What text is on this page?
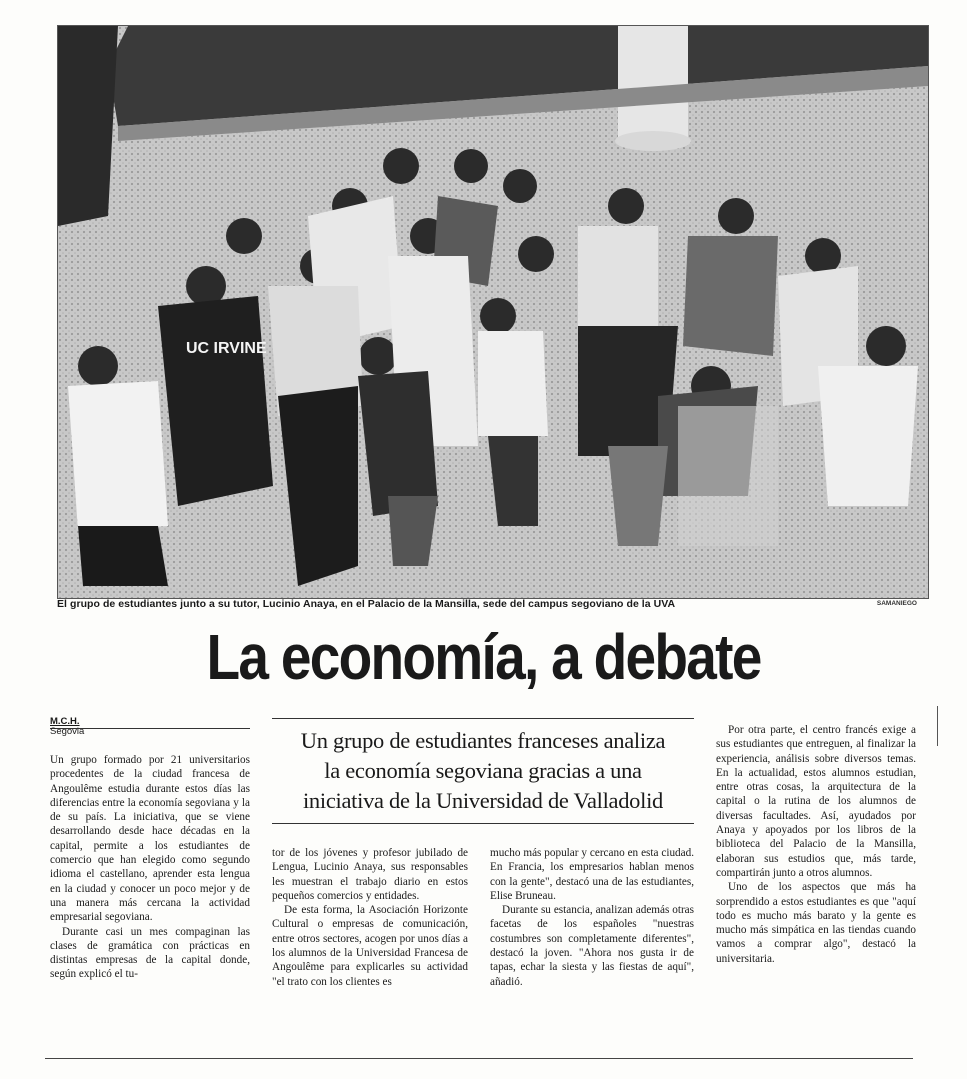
UC IRVINE
El grupo de estudiantes junto a su tutor, Lucinio Anaya, en el Palacio de la Mansilla, sede del campus segoviano de la UVA	SAMANIEGO
La economía, a debate
M.C.H.
Segovia	Un grupo de estudiantes franceses analiza
la economía segoviana gracias a una
iniciativa de la Universidad de Valladolid

Un grupo formado por 21 universitarios procedentes de la ciudad francesa de Angoulême estudia durante estos días las diferencias entre la economía segoviana y la de su país. La iniciativa, que se viene desarrollando desde hace décadas en la capital, permite a los estudiantes de comercio que han elegido como segundo idioma el castellano, aprender esta lengua en la ciudad y conocer un poco mejor y de una manera más cercana la actividad empresarial segoviana.

Durante casi un mes compaginan las clases de gramática con prácticas en distintas empresas de la capital donde, según explicó el tu-

tor de los jóvenes y profesor jubilado de Lengua, Lucinio Anaya, sus responsables les muestran el trabajo diario en estos pequeños comercios y entidades.

De esta forma, la Asociación Horizonte Cultural o empresas de comunicación, entre otros sectores, acogen por unos días a los alumnos de la Universidad Francesa de Angoulême para explicarles su actividad "el trato con los clientes es

mucho más popular y cercano en esta ciudad. En Francia, los empresarios hablan menos con la gente", destacó una de las estudiantes, Elise Bruneau.

Durante su estancia, analizan además otras facetas de los españoles "nuestras costumbres son completamente diferentes", destacó la joven. "Ahora nos gusta ir de tapas, echar la siesta y las fiestas de aquí", añadió.

Por otra parte, el centro francés exige a sus estudiantes que entreguen, al finalizar la experiencia, análisis sobre diversos temas. En la actualidad, estos alumnos estudian, entre otras cosas, la arquitectura de la capital o la rutina de los alumnos de diversas facultades. Así, ayudados por Anaya y apoyados por los libros de la biblioteca del Palacio de la Mansilla, elaboran sus estudios que, más tarde, compartirán junto a otros alumnos.

Uno de los aspectos que más ha sorprendido a estos estudiantes es que "aquí todo es mucho más barato y la gente es mucho más simpática en las tiendas cuando vamos a comprar algo", destacó la universitaria.
